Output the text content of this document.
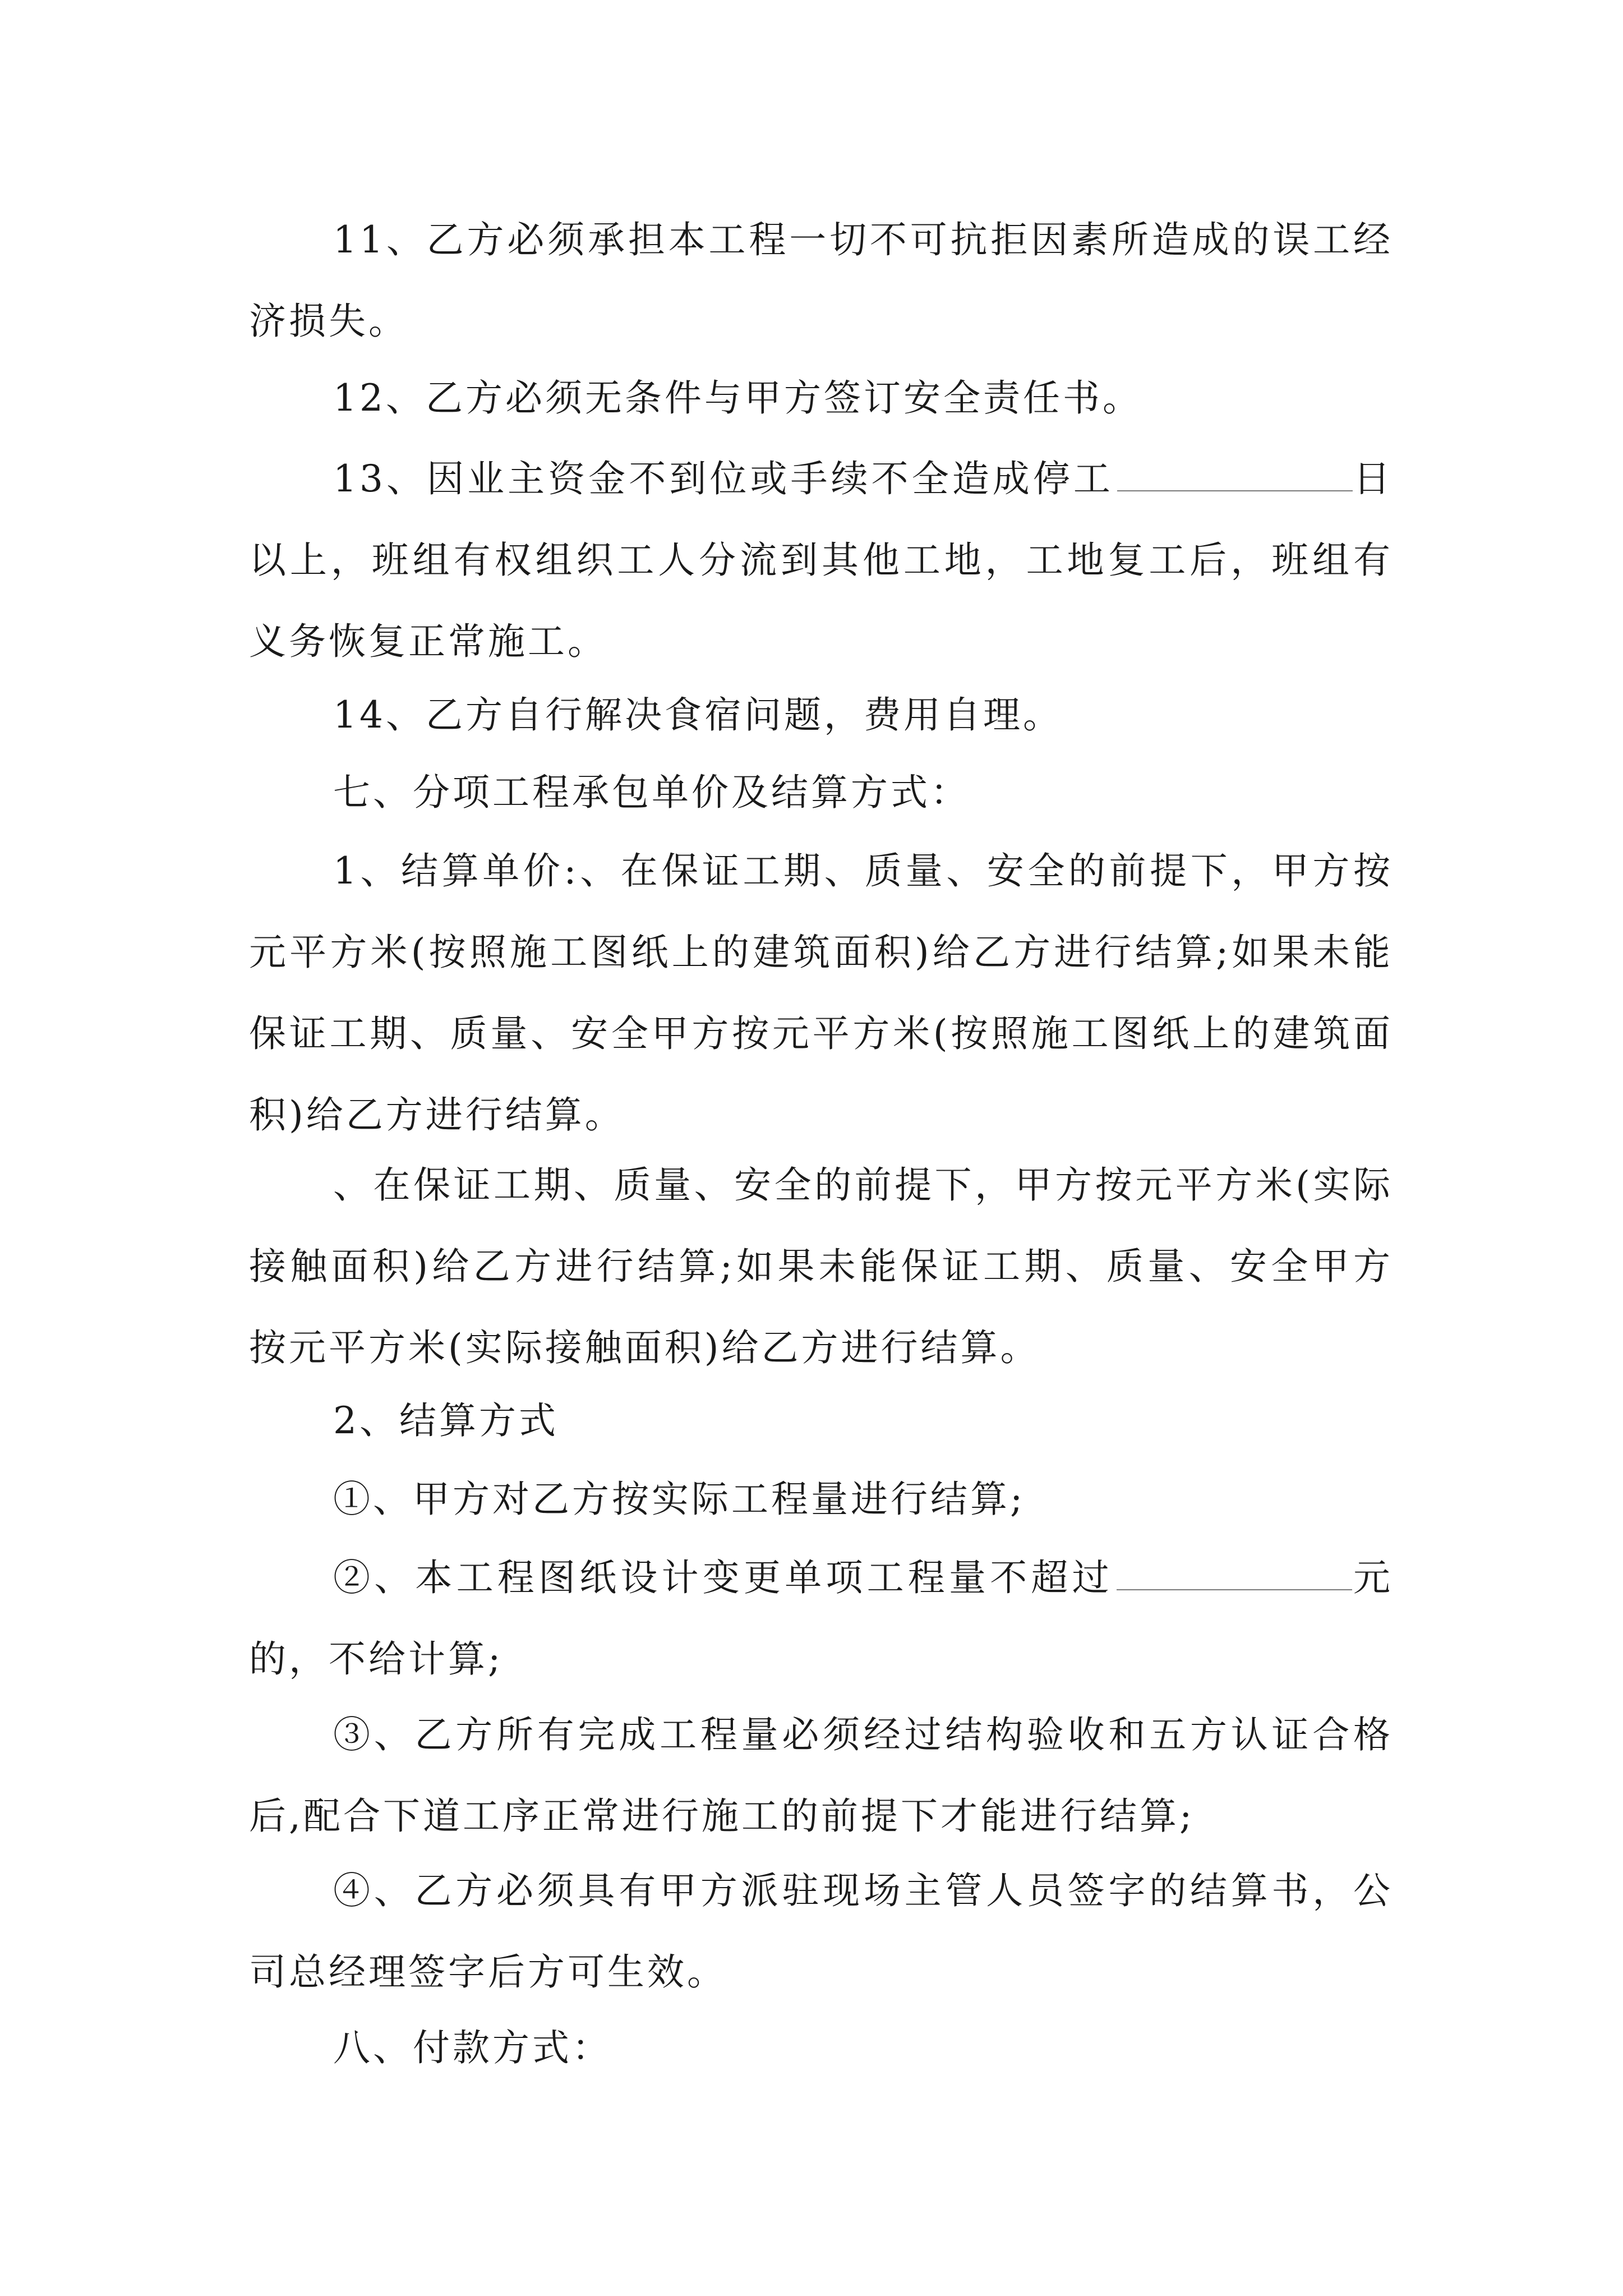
11、乙方必须承担本工程一切不可抗拒因素所造成的误工经济损失。

12、乙方必须无条件与甲方签订安全责任书。

13、因业主资金不到位或手续不全造成停工	日以上，班组有权组织工人分流到其他工地，工地复工后，班组有义务恢复正常施工。

14、乙方自行解决食宿问题，费用自理。

七、分项工程承包单价及结算方式：

1、结算单价:、在保证工期、质量、安全的前提下，甲方按元平方米(按照施工图纸上的建筑面积)给乙方进行结算;如果未能保证工期、质量、安全甲方按元平方米(按照施工图纸上的建筑面积)给乙方进行结算。

、在保证工期、质量、安全的前提下，甲方按元平方米(实际接触面积)给乙方进行结算;如果未能保证工期、质量、安全甲方按元平方米(实际接触面积)给乙方进行结算。

2、结算方式

①、甲方对乙方按实际工程量进行结算;

②、本工程图纸设计变更单项工程量不超过	元的，不给计算;

③、乙方所有完成工程量必须经过结构验收和五方认证合格后,配合下道工序正常进行施工的前提下才能进行结算;

④、乙方必须具有甲方派驻现场主管人员签字的结算书，公司总经理签字后方可生效。

八、付款方式：
